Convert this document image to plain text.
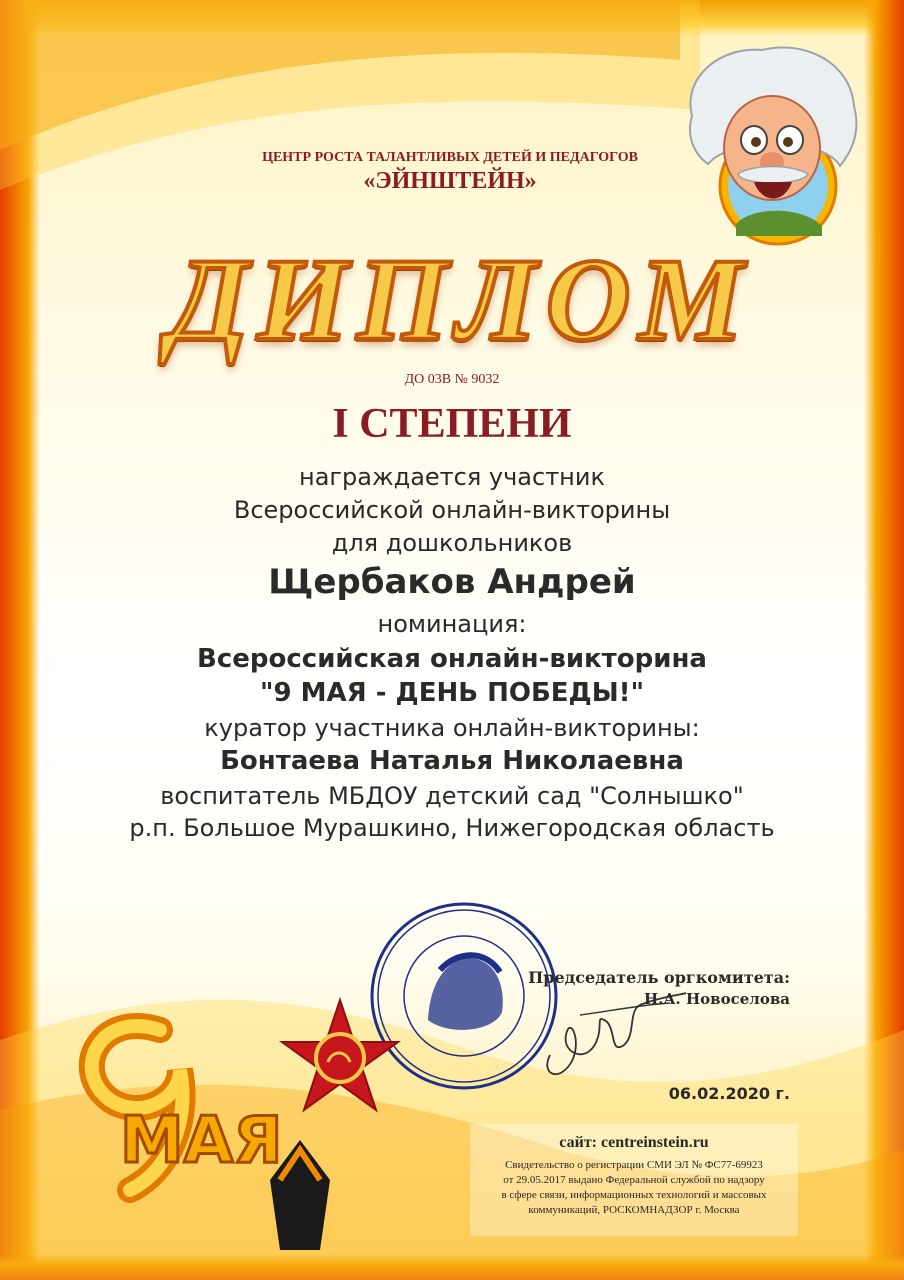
ЦЕНТР РОСТА ТАЛАНТЛИВЫХ ДЕТЕЙ И ПЕДАГОГОВ
«ЭЙНШТЕЙН»
ДИПЛОМ
ДО 03В № 9032
I СТЕПЕНИ
награждается участник
Всероссийской онлайн-викторины
для дошкольников
Щербаков Андрей
номинация:
Всероссийская онлайн-викторина
"9 МАЯ - ДЕНЬ ПОБЕДЫ!"
куратор участника онлайн-викторины:
Бонтаева Наталья Николаевна
воспитатель МБДОУ детский сад "Солнышко"
р.п. Большое Мурашкино, Нижегородская область
Председатель оргкомитета:
Н.А. Новоселова
06.02.2020 г.
МАЯ	сайт: centreinstein.ru
Свидетельство о регистрации СМИ ЭЛ № ФС77-69923
от 29.05.2017 выдано Федеральной службой по надзору
в сфере связи, информационных технологий и массовых
коммуникаций, РОСКОМНАДЗОР г. Москва
